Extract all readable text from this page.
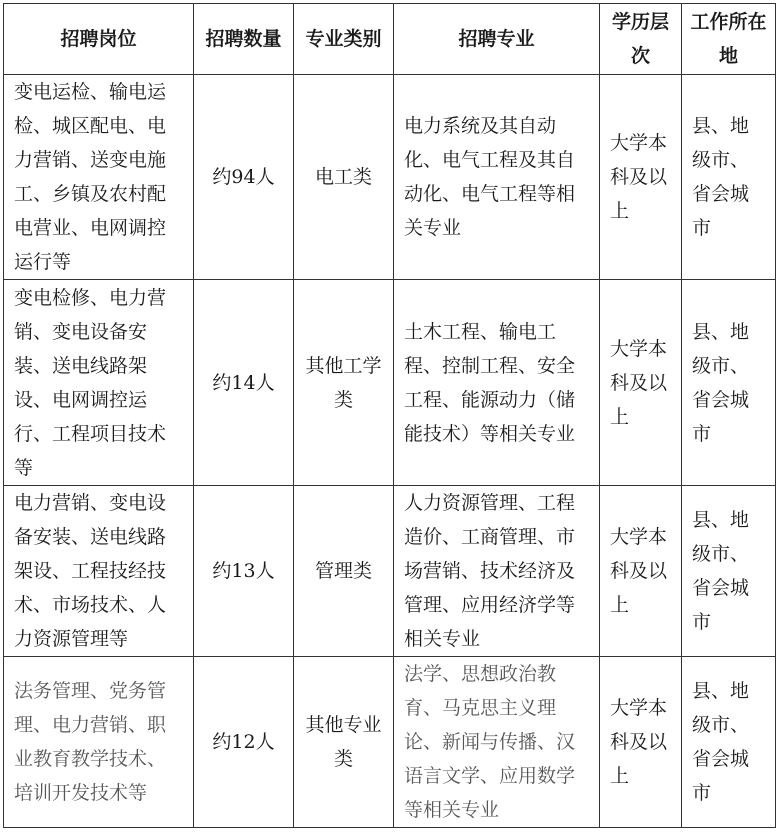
招聘岗位	招聘数量	专业类别	招聘专业	学历层次	工作所在地
变电运检、输电运检、城区配电、电力营销、送变电施工、乡镇及农村配电营业、电网调控运行等	约94人	电工类	电力系统及其自动化、电气工程及其自动化、电气工程等相关专业	大学本科及以上	县、地级市、省会城市
变电检修、电力营销、变电设备安装、送电线路架设、电网调控运行、工程项目技术等	约14人	其他工学类	土木工程、输电工程、控制工程、安全工程、能源动力（储能技术）等相关专业	大学本科及以上	县、地级市、省会城市
电力营销、变电设备安装、送电线路架设、工程技经技术、市场技术、人力资源管理等	约13人	管理类	人力资源管理、工程造价、工商管理、市场营销、技术经济及管理、应用经济学等相关专业	大学本科及以上	县、地级市、省会城市
法务管理、党务管理、电力营销、职业教育教学技术、培训开发技术等	约12人	其他专业类	法学、思想政治教育、马克思主义理论、新闻与传播、汉语言文学、应用数学等相关专业	大学本科及以上	县、地级市、省会城市
